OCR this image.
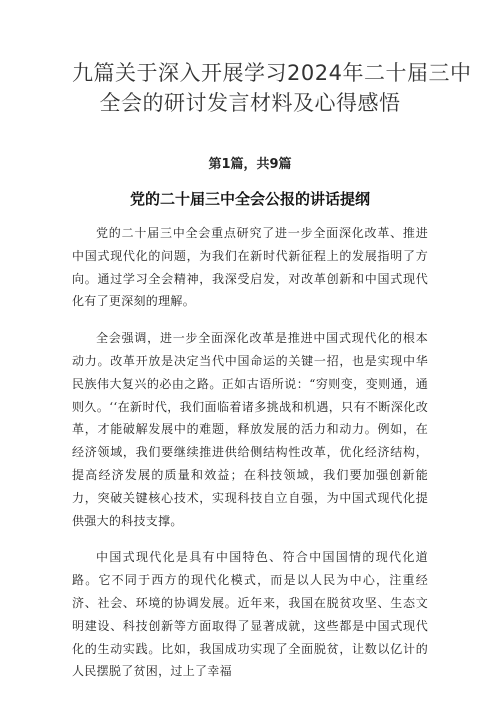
九篇关于深入开展学习2024年二十届三中
全会的研讨发言材料及心得感悟
第1篇，共9篇
党的二十届三中全会公报的讲话提纲

党的二十届三中全会重点研究了进一步全面深化改革、推进中国式现代化的问题，为我们在新时代新征程上的发展指明了方向。通过学习全会精神，我深受启发，对改革创新和中国式现代化有了更深刻的理解。

全会强调，进一步全面深化改革是推进中国式现代化的根本动力。改革开放是决定当代中国命运的关键一招，也是实现中华民族伟大复兴的必由之路。正如古语所说：“穷则变，变则通，通则久。‘‘在新时代，我们面临着诸多挑战和机遇，只有不断深化改革，才能破解发展中的难题，释放发展的活力和动力。例如，在经济领域，我们要继续推进供给侧结构性改革，优化经济结构，提高经济发展的质量和效益；在科技领域，我们要加强创新能力，突破关键核心技术，实现科技自立自强，为中国式现代化提供强大的科技支撑。

中国式现代化是具有中国特色、符合中国国情的现代化道路。它不同于西方的现代化模式，而是以人民为中心，注重经济、社会、环境的协调发展。近年来，我国在脱贫攻坚、生态文明建设、科技创新等方面取得了显著成就，这些都是中国式现代化的生动实践。比如，我国成功实现了全面脱贫，让数以亿计的人民摆脱了贫困，过上了幸福
